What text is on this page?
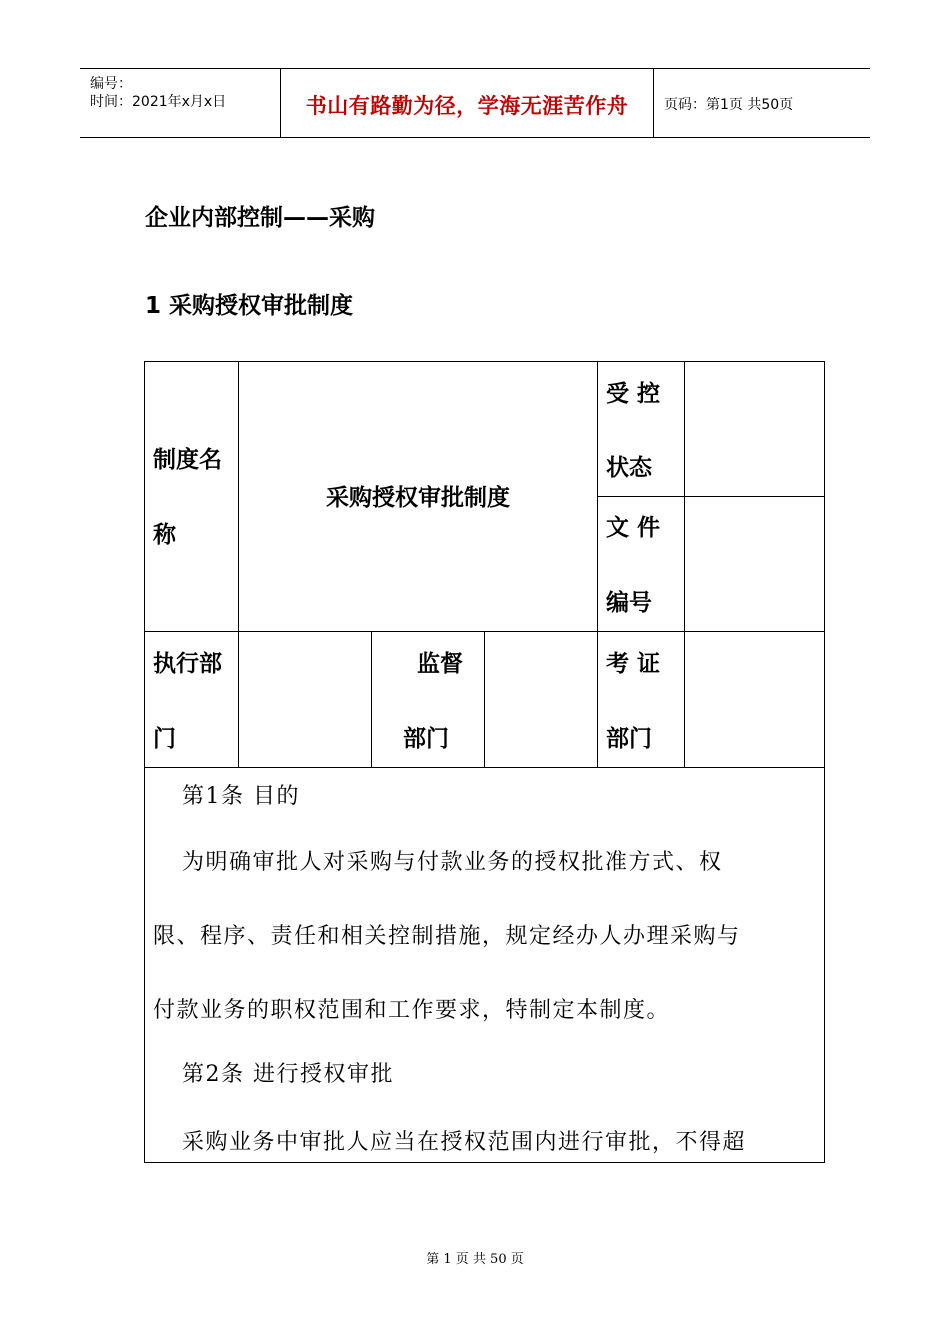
编号：
时间：2021年x月x日	书山有路勤为径，学海无涯苦作舟	页码：第1页 共50页
企业内部控制——采购
1 采购授权审批制度
制度名
称
采购授权审批制度
受 控
状态
文 件
编号
执行部
门
监督
部门
考 证
部门
第1条 目的
为明确审批人对采购与付款业务的授权批准方式、权
限、程序、责任和相关控制措施，规定经办人办理采购与
付款业务的职权范围和工作要求，特制定本制度。
第2条 进行授权审批
采购业务中审批人应当在授权范围内进行审批，不得超
第 1 页 共 50 页
